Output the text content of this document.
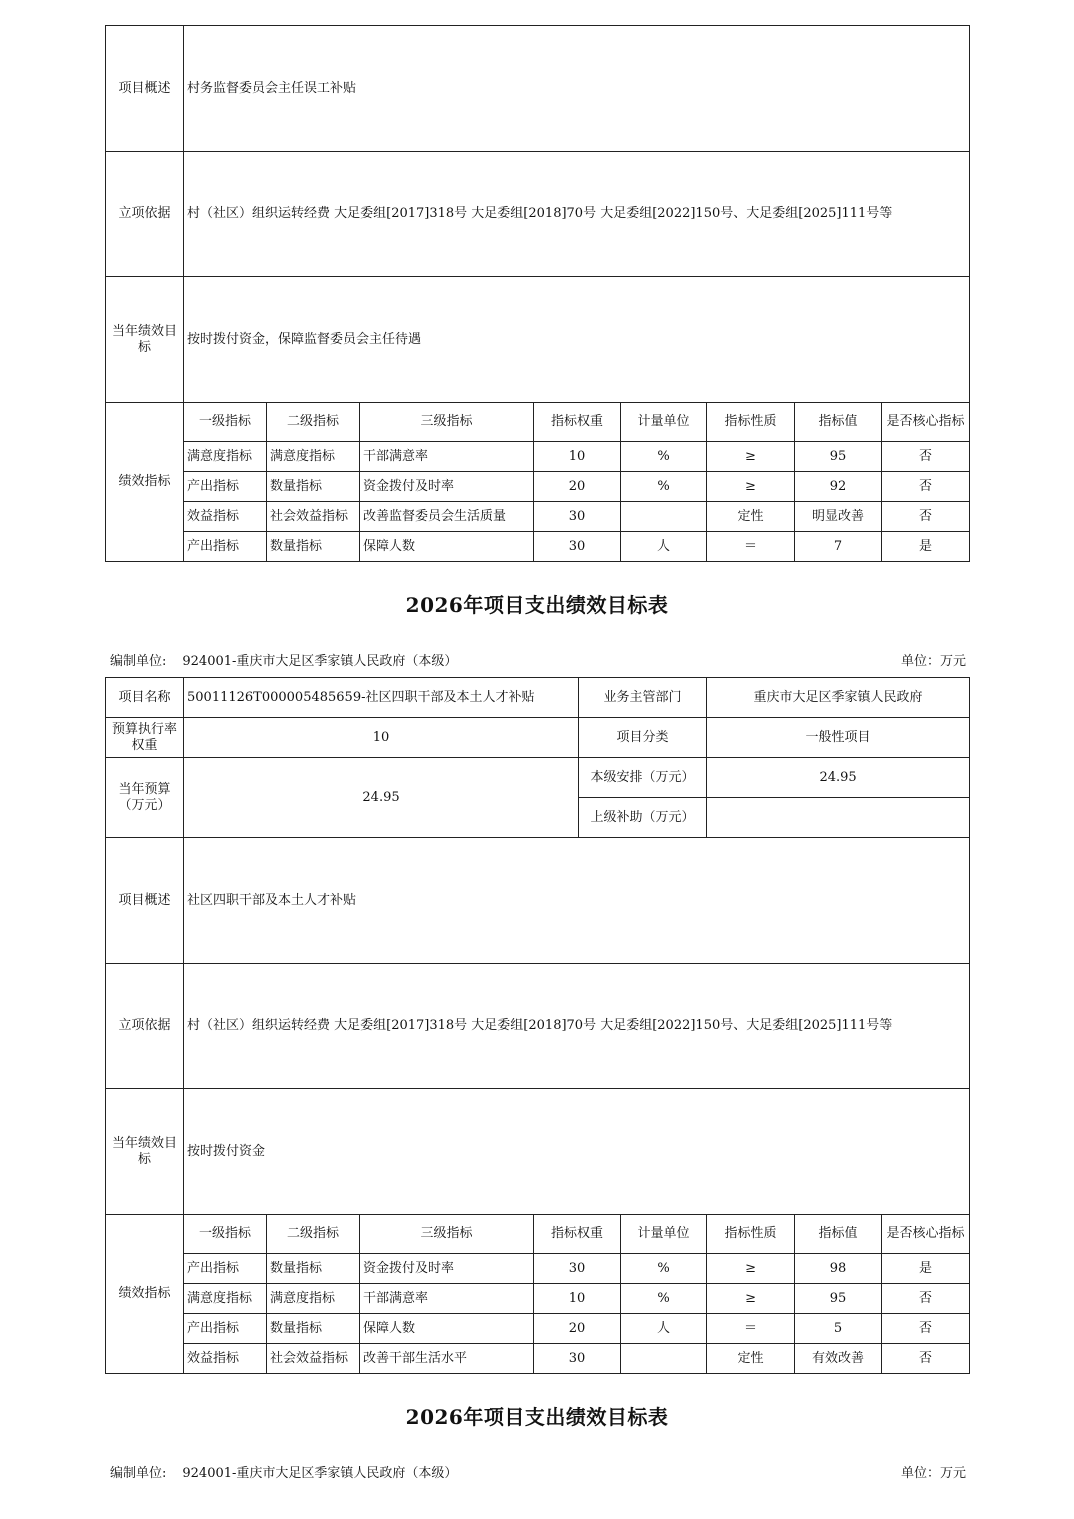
项目概述	村务监督委员会主任误工补贴							
立项依据	村（社区）组织运转经费 大足委组[2017]318号 大足委组[2018]70号 大足委组[2022]150号、大足委组[2025]111号等							
当年绩效目标	按时拨付资金，保障监督委员会主任待遇							
绩效指标	一级指标	二级指标	三级指标	指标权重	计量单位	指标性质	指标值	是否核心指标
	满意度指标	满意度指标	干部满意率	10	%	≥	95	否
	产出指标	数量指标	资金拨付及时率	20	%	≥	92	否
	效益指标	社会效益指标	改善监督委员会生活质量	30		定性	明显改善	否
	产出指标	数量指标	保障人数	30	人	＝	7	是
2026年项目支出绩效目标表
编制单位: 924001-重庆市大足区季家镇人民政府（本级）	单位：万元
项目名称	50011126T000005485659-社区四职干部及本土人才补贴				业务主管部门		重庆市大足区季家镇人民政府		
预算执行率权重	10				项目分类		一般性项目		
当年预算（万元）	24.95				本级安排（万元）		24.95		
					上级补助（万元）				
项目概述	社区四职干部及本土人才补贴								
立项依据	村（社区）组织运转经费 大足委组[2017]318号 大足委组[2018]70号 大足委组[2022]150号、大足委组[2025]111号等								
当年绩效目标	按时拨付资金								
绩效指标	一级指标	二级指标	三级指标	指标权重		计量单位	指标性质	指标值	是否核心指标
	产出指标	数量指标	资金拨付及时率	30		%	≥	98	是
	满意度指标	满意度指标	干部满意率	10		%	≥	95	否
	产出指标	数量指标	保障人数	20		人	＝	5	否
	效益指标	社会效益指标	改善干部生活水平	30			定性	有效改善	否
2026年项目支出绩效目标表
编制单位: 924001-重庆市大足区季家镇人民政府（本级）	单位：万元
